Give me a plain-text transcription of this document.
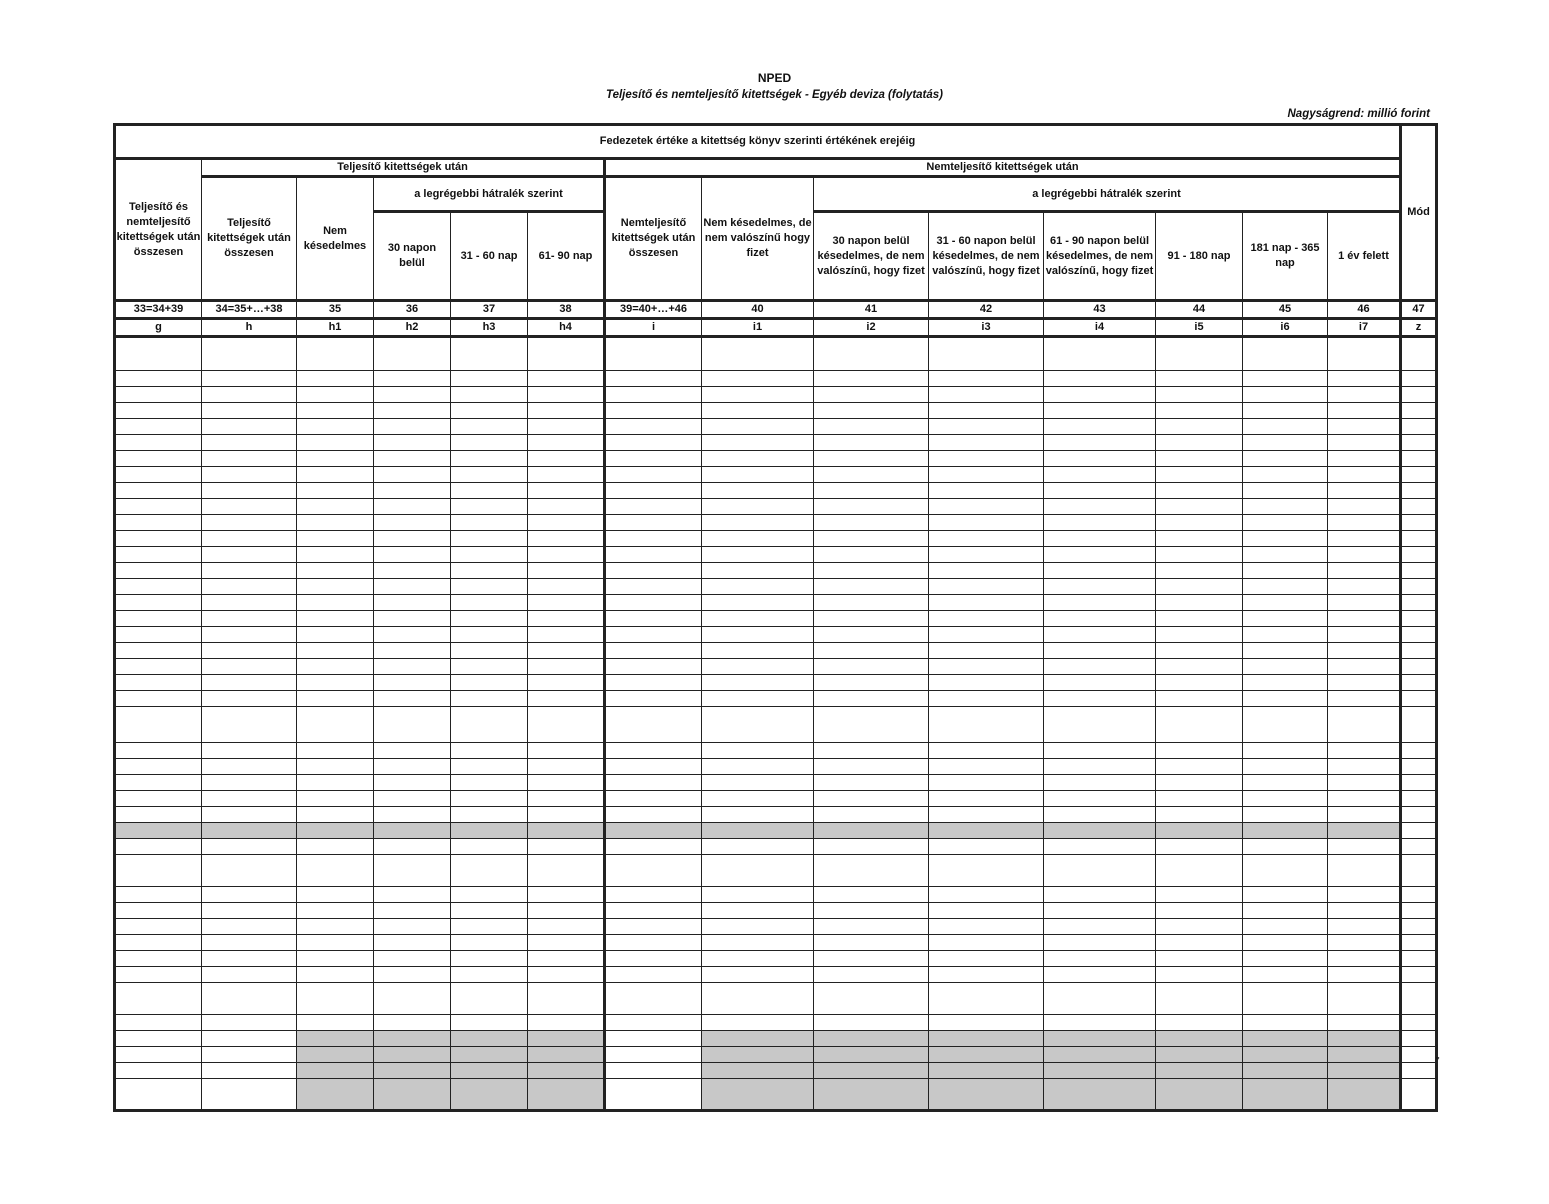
NPED
Teljesítő és nemteljesítő kitettségek - Egyéb deviza (folytatás)
Nagyságrend: millió forint
Fedezetek értéke a kitettség könyv szerinti értékének erejéig														Mód
Teljesítő és nemteljesítő kitettségek után összesen	Teljesítő kitettségek után					Nemteljesítő kitettségek után								
	Teljesítő kitettségek után összesen	Nem késedelmes	a legrégebbi hátralék szerint			Nemteljesítő kitettségek után összesen	Nem késedelmes, de nem valószínű hogy fizet	a legrégebbi hátralék szerint						
			30 napon belül	31 - 60 nap	61- 90 nap			30 napon belül késedelmes, de nem valószínű, hogy fizet	31 - 60 napon belül késedelmes, de nem valószínű, hogy fizet	61 - 90 napon belül késedelmes, de nem valószínű, hogy fizet	91 - 180 nap	181 nap - 365 nap	1 év felett	
33=34+39	34=35+…+38	35	36	37	38	39=40+…+46	40	41	42	43	44	45	46	47
g	h	h1	h2	h3	h4	i	i1	i2	i3	i4	i5	i6	i7	z

"
